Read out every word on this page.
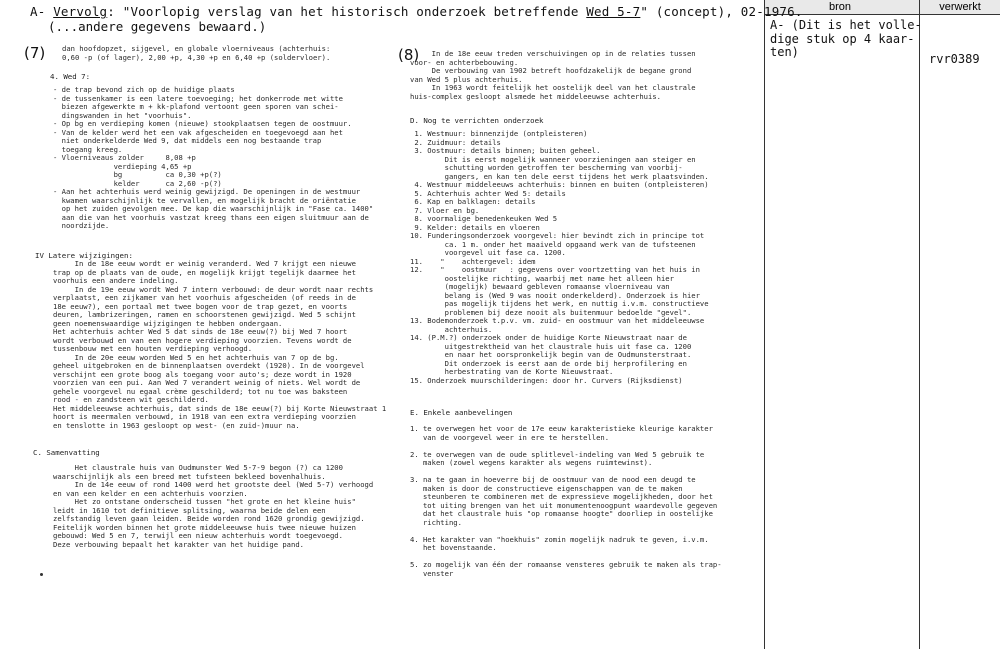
bron	verwerkt
A- Vervolg: "Voorlopig verslag van het historisch onderzoek betreffende Wed 5-7" (concept), 02-1976.
(...andere gegevens bewaard.)	A- (Dit is het volle-
dige stuk op 4 kaar-
ten)	rvr0389
(7)	(8)
dan hoofdopzet, sijgevel, en globale vloerniveaus (achterhuis:
0,60 -p (of lager), 2,00 +p, 4,30 +p en 6,40 +p (soldervloer).
4. Wed 7:
- de trap bevond zich op de huidige plaats
- de tussenkamer is een latere toevoeging; het donkerrode met witte
biezen afgewerkte m + kk-plafond vertoont geen sporen van schei-
dingswanden in het "voorhuis".
- Op bg en verdieping komen (nieuwe) stookplaatsen tegen de oostmuur.
- Van de kelder werd het een vak afgescheiden en toegevoegd aan het
niet onderkelderde Wed 9, dat middels een nog bestaande trap
toegang kreeg.
- Vloerniveaus zolder     8,08 +p
verdieping 4,65 +p
bg          ca 0,30 +p(?)
kelder      ca 2,60 -p(?)
- Aan het achterhuis werd weinig gewijzigd. De openingen in de westmuur
kwamen waarschijnlijk te vervallen, en mogelijk bracht de oriëntatie
op het zuiden gevolgen mee. De kap die waarschijnlijk in "Fase ca. 1400"
aan die van het voorhuis vastzat kreeg thans een eigen sluitmuur aan de
noordzijde.
IV Latere wijzigingen:
In de 18e eeuw wordt er weinig veranderd. Wed 7 krijgt een nieuwe
trap op de plaats van de oude, en mogelijk krijgt tegelijk daarmee het
voorhuis een andere indeling.
In de 19e eeuw wordt Wed 7 intern verbouwd: de deur wordt naar rechts
verplaatst, een zijkamer van het voorhuis afgescheiden (of reeds in de
18e eeuw?), een portaal met twee bogen voor de trap gezet, en voorts
deuren, lambrizeringen, ramen en schoorstenen gewijzigd. Wed 5 schijnt
geen noemenswaardige wijzigingen te hebben ondergaan.
Het achterhuis achter Wed 5 dat sinds de 18e eeuw(?) bij Wed 7 hoort
wordt verbouwd en van een hogere verdieping voorzien. Tevens wordt de
tussenbouw met een houten verdieping verhoogd.
In de 20e eeuw worden Wed 5 en het achterhuis van 7 op de bg.
geheel uitgebroken en de binnenplaatsen overdekt (1920). In de voorgevel
verschijnt een grote boog als toegang voor auto's; deze wordt in 1920
voorzien van een pui. Aan Wed 7 verandert weinig of niets. Wel wordt de
gehele voorgevel nu egaal crème geschilderd; tot nu toe was baksteen
rood - en zandsteen wit geschilderd.
Het middeleeuwse achterhuis, dat sinds de 18e eeuw(?) bij Korte Nieuwstraat 1
hoort is meermalen verbouwd, in 1918 van een extra verdieping voorzien
en tenslotte in 1963 gesloopt op west- (en zuid-)muur na.
C. Samenvatting
Het claustrale huis van Oudmunster Wed 5-7-9 begon (?) ca 1200
waarschijnlijk als een breed met tufsteen bekleed bovenhalhuis.
In de 14e eeuw of rond 1400 werd het grootste deel (Wed 5-7) verhoogd
en van een kelder en een achterhuis voorzien.
Het zo ontstane onderscheid tussen "het grote en het kleine huis"
leidt in 1610 tot definitieve splitsing, waarna beide delen een
zelfstandig leven gaan leiden. Beide worden rond 1620 grondig gewijzigd.
Feitelijk worden binnen het grote middeleeuwse huis twee nieuwe huizen
gebouwd: Wed 5 en 7, terwijl een nieuw achterhuis wordt toegevoegd.
Deze verbouwing bepaalt het karakter van het huidige pand.
In de 18e eeuw treden verschuivingen op in de relaties tussen
voor- en achterbebouwing.
De verbouwing van 1902 betreft hoofdzakelijk de begane grond
van Wed 5 plus achterhuis.
In 1963 wordt feitelijk het oostelijk deel van het claustrale
huis-complex gesloopt alsmede het middeleeuwse achterhuis.
D. Nog te verrichten onderzoek
1. Westmuur: binnenzijde (ontpleisteren)
2. Zuidmuur: details
3. Oostmuur: details binnen; buiten geheel.
Dit is eerst mogelijk wanneer voorzieningen aan steiger en
schutting worden getroffen ter bescherming van voorbij-
gangers, en kan ten dele eerst tijdens het werk plaatsvinden.
4. Westmuur middeleeuws achterhuis: binnen en buiten (ontpleisteren)
5. Achterhuis achter Wed 5: details
6. Kap en balklagen: details
7. Vloer en bg.
8. voormalige benedenkeuken Wed 5
9. Kelder: details en vloeren
10. Funderingsonderzoek voorgevel: hier bevindt zich in principe tot
ca. 1 m. onder het maaiveld opgaand werk van de tufsteenen
voorgevel uit fase ca. 1200.
11.    "    achtergevel: idem
12.    "    oostmuur   : gegevens over voortzetting van het huis in
oostelijke richting, waarbij met name het alleen hier
(mogelijk) bewaard gebleven romaanse vloerniveau van
belang is (Wed 9 was nooit onderkelderd). Onderzoek is hier
pas mogelijk tijdens het werk, en nuttig i.v.m. constructieve
problemen bij deze nooit als buitenmuur bedoelde "gevel".
13. Bodemonderzoek t.p.v. vm. zuid- en oostmuur van het middeleeuwse
achterhuis.
14. (P.M.?) onderzoek onder de huidige Korte Nieuwstraat naar de
uitgestrektheid van het claustrale huis uit fase ca. 1200
en naar het oorspronkelijk begin van de Oudmunsterstraat.
Dit onderzoek is eerst aan de orde bij herprofilering en
herbestrating van de Korte Nieuwstraat.
15. Onderzoek muurschilderingen: door hr. Curvers (Rijksdienst)
E. Enkele aanbevelingen
1. te overwegen het voor de 17e eeuw karakteristieke kleurige karakter
van de voorgevel weer in ere te herstellen.

2. te overwegen van de oude splitlevel-indeling van Wed 5 gebruik te
maken (zowel wegens karakter als wegens ruimtewinst).

3. na te gaan in hoeverre bij de oostmuur van de nood een deugd te
maken is door de constructieve eigenschappen van de te maken
steunberen te combineren met de expressieve mogelijkheden, door het
tot uiting brengen van het uit monumentenoogpunt waardevolle gegeven
dat het claustrale huis "op romaanse hoogte" doorliep in oostelijke
richting.

4. Het karakter van "hoekhuis" zomin mogelijk nadruk te geven, i.v.m.
het bovenstaande.

5. zo mogelijk van één der romaanse vensteres gebruik te maken als trap-
venster
